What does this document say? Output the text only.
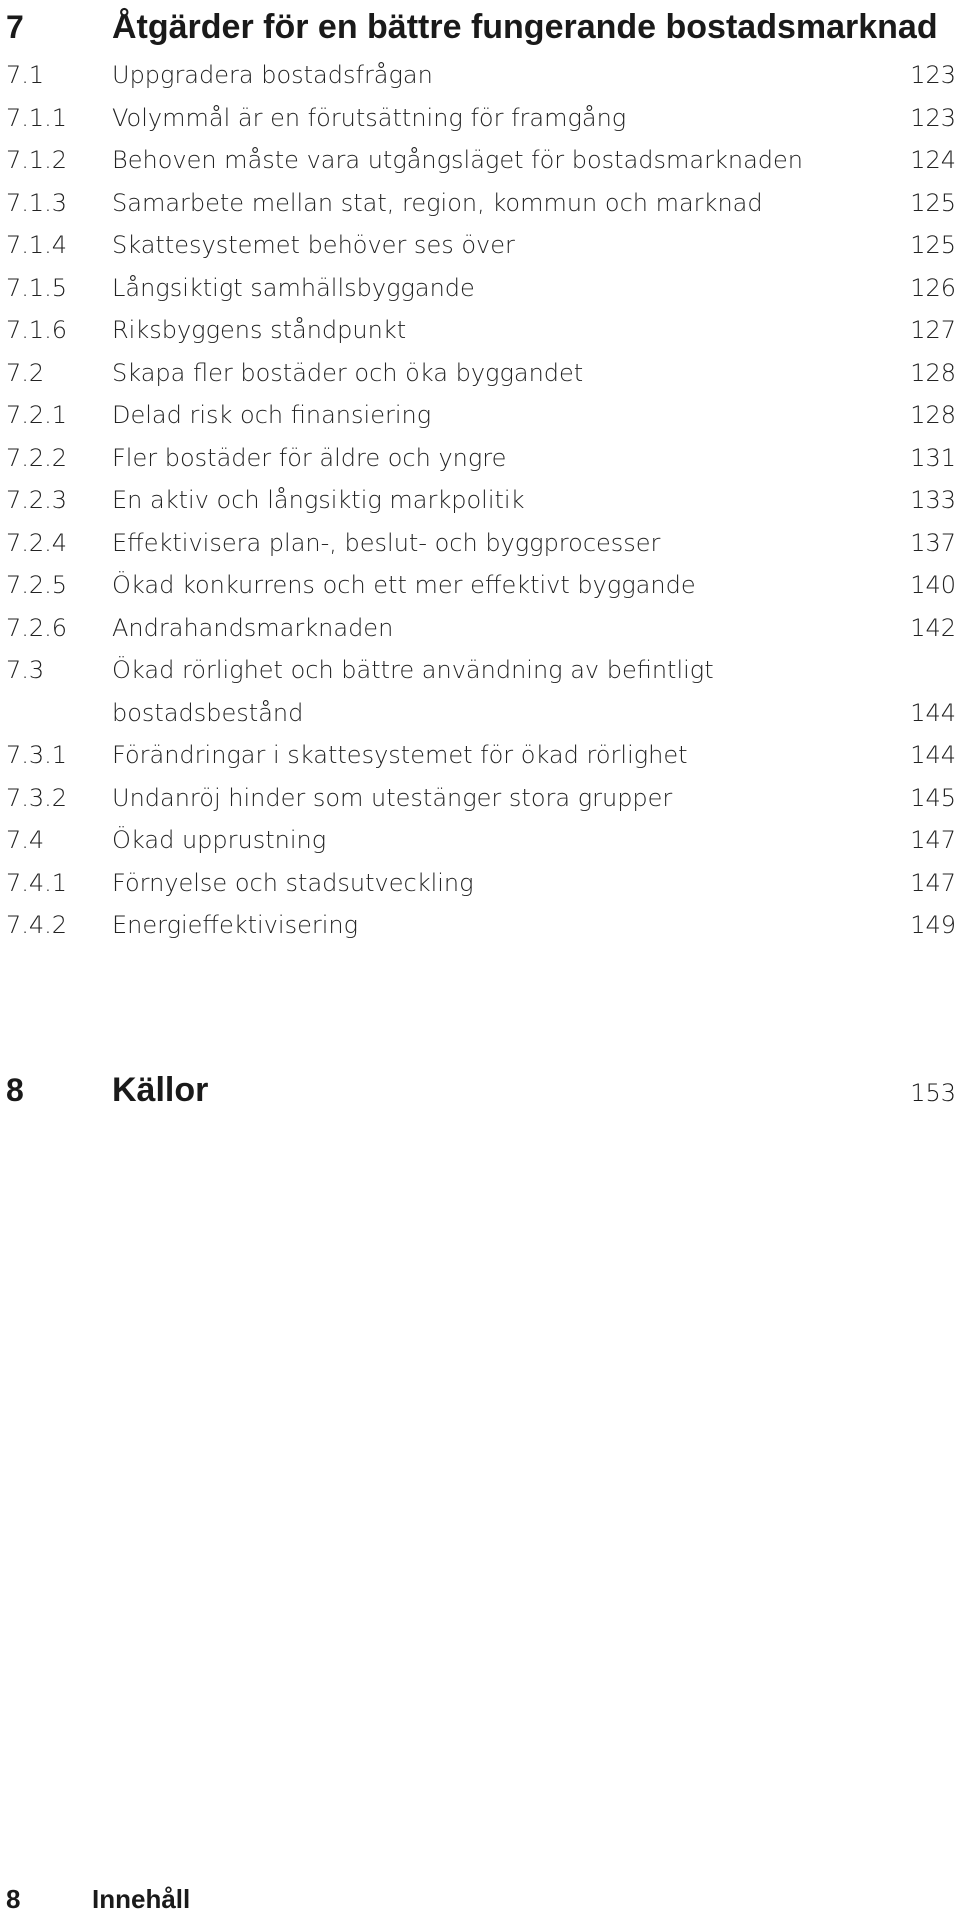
7	Åtgärder för en bättre fungerande bostadsmarknad
7.1	Uppgradera bostadsfrågan	123
7.1.1	Volymmål är en förutsättning för framgång	123
7.1.2	Behoven måste vara utgångsläget för bostadsmarknaden	124
7.1.3	Samarbete mellan stat, region, kommun och marknad	125
7.1.4	Skattesystemet behöver ses över	125
7.1.5	Långsiktigt samhällsbyggande	126
7.1.6	Riksbyggens ståndpunkt	127
7.2	Skapa fler bostäder och öka byggandet	128
7.2.1	Delad risk och finansiering	128
7.2.2	Fler bostäder för äldre och yngre	131
7.2.3	En aktiv och långsiktig markpolitik	133
7.2.4	Effektivisera plan-, beslut- och byggprocesser	137
7.2.5	Ökad konkurrens och ett mer effektivt byggande	140
7.2.6	Andrahandsmarknaden	142
7.3	Ökad rörlighet och bättre användning av befintligt bostadsbestånd	144
7.3.1	Förändringar i skattesystemet för ökad rörlighet	144
7.3.2	Undanröj hinder som utestänger stora grupper	145
7.4	Ökad upprustning	147
7.4.1	Förnyelse och stadsutveckling	147
7.4.2	Energieffektivisering	149
8	Källor	153
8	Innehåll
